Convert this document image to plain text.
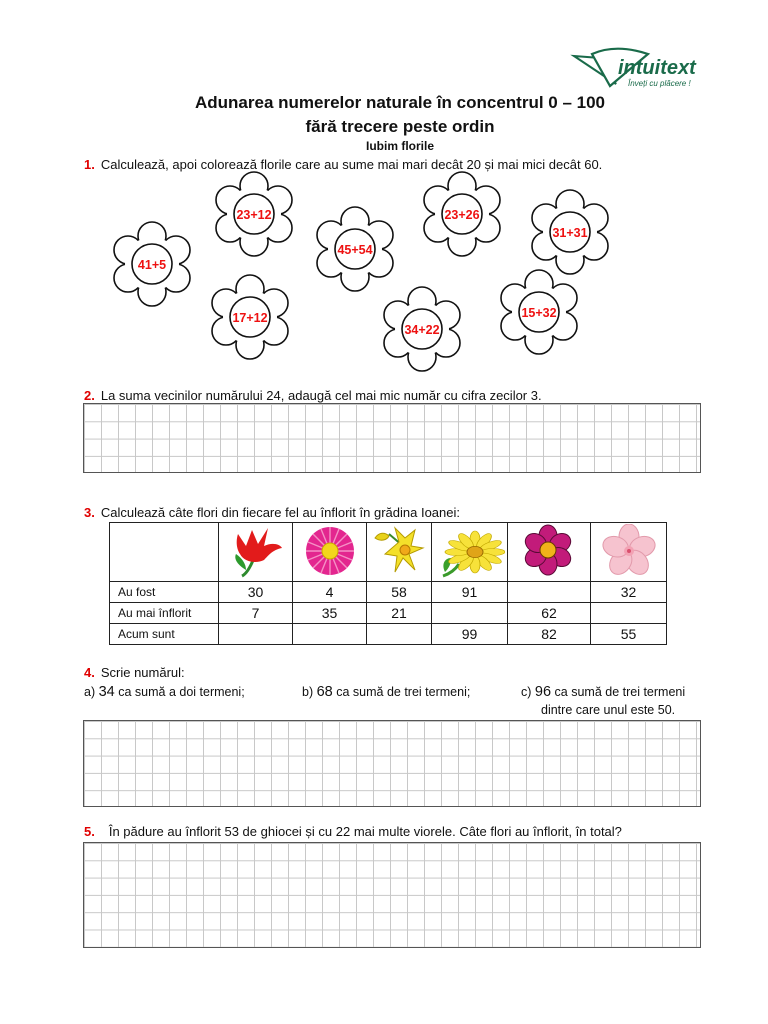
intuitext
Înveți cu plăcere !
Adunarea numerelor naturale în concentrul 0 – 100
fără trecere peste ordin
Iubim florile
1. Calculează, apoi colorează florile care au sume mai mari decât 20 și mai mici decât 60.
23+12	23+26
31+31
41+5
45+54
17+12
34+22
15+32
2. La suma vecinilor numărului 24, adaugă cel mai mic număr cu cifra zecilor 3.
3. Calculează câte flori din fiecare fel au înflorit în grădina Ioanei:

Au fost	30	4	58	91		32
Au mai înflorit	7	35	21		62	
Acum sunt				99	82	55
4. Scrie numărul:
a) 34 ca sumă a doi termeni;	b) 68 ca sumă de trei termeni;	c) 96 ca sumă de trei termeni
dintre care unul este 50.
5. În pădure au înflorit 53 de ghiocei și cu 22 mai multe viorele. Câte flori au înflorit, în total?
